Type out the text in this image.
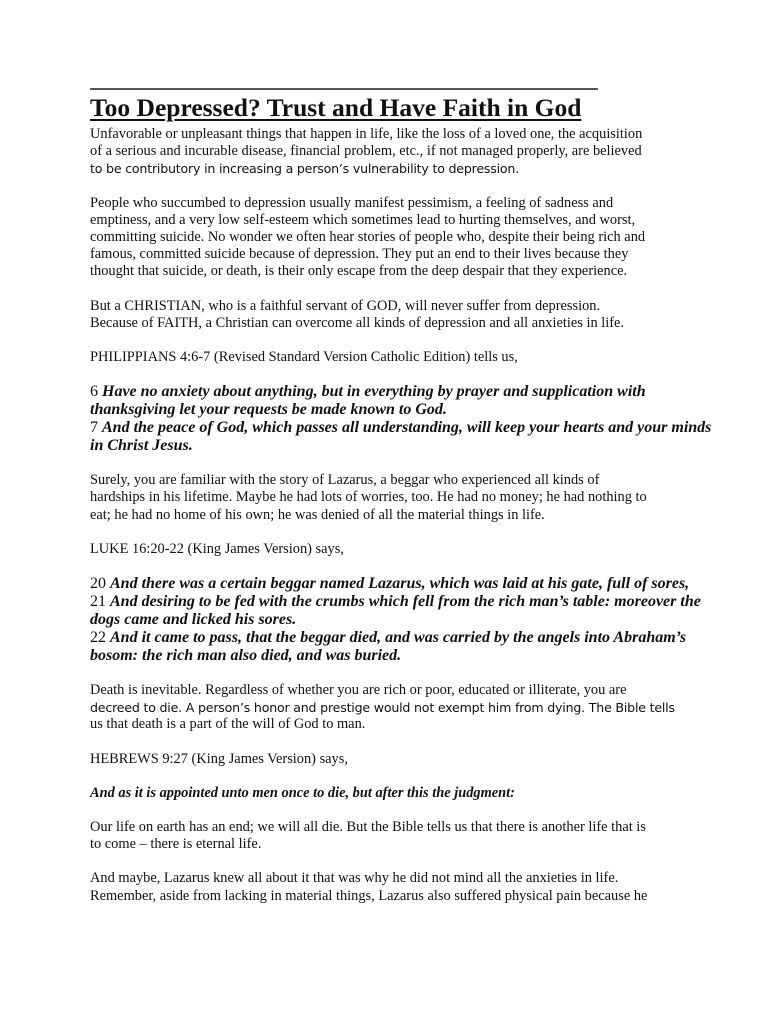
Too Depressed? Trust and Have Faith in God

Unfavorable or unpleasant things that happen in life, like the loss of a loved one, the acquisition
of a serious and incurable disease, financial problem, etc., if not managed properly, are believed
to be contributory in increasing a person’s vulnerability to depression.

People who succumbed to depression usually manifest pessimism, a feeling of sadness and
emptiness, and a very low self-esteem which sometimes lead to hurting themselves, and worst,
committing suicide. No wonder we often hear stories of people who, despite their being rich and
famous, committed suicide because of depression. They put an end to their lives because they
thought that suicide, or death, is their only escape from the deep despair that they experience.

But a CHRISTIAN, who is a faithful servant of GOD, will never suffer from depression.
Because of FAITH, a Christian can overcome all kinds of depression and all anxieties in life.

PHILIPPIANS 4:6-7 (Revised Standard Version Catholic Edition) tells us,

6 Have no anxiety about anything, but in everything by prayer and supplication with
thanksgiving let your requests be made known to God.
7 And the peace of God, which passes all understanding, will keep your hearts and your minds
in Christ Jesus.

Surely, you are familiar with the story of Lazarus, a beggar who experienced all kinds of
hardships in his lifetime. Maybe he had lots of worries, too. He had no money; he had nothing to
eat; he had no home of his own; he was denied of all the material things in life.

LUKE 16:20-22 (King James Version) says,

20 And there was a certain beggar named Lazarus, which was laid at his gate, full of sores,
21 And desiring to be fed with the crumbs which fell from the rich man’s table: moreover the
dogs came and licked his sores.
22 And it came to pass, that the beggar died, and was carried by the angels into Abraham’s
bosom: the rich man also died, and was buried.

Death is inevitable. Regardless of whether you are rich or poor, educated or illiterate, you are
decreed to die. A person’s honor and prestige would not exempt him from dying. The Bible tells
us that death is a part of the will of God to man.

HEBREWS 9:27 (King James Version) says,

And as it is appointed unto men once to die, but after this the judgment:

Our life on earth has an end; we will all die. But the Bible tells us that there is another life that is
to come – there is eternal life.

And maybe, Lazarus knew all about it that was why he did not mind all the anxieties in life.
Remember, aside from lacking in material things, Lazarus also suffered physical pain because he
